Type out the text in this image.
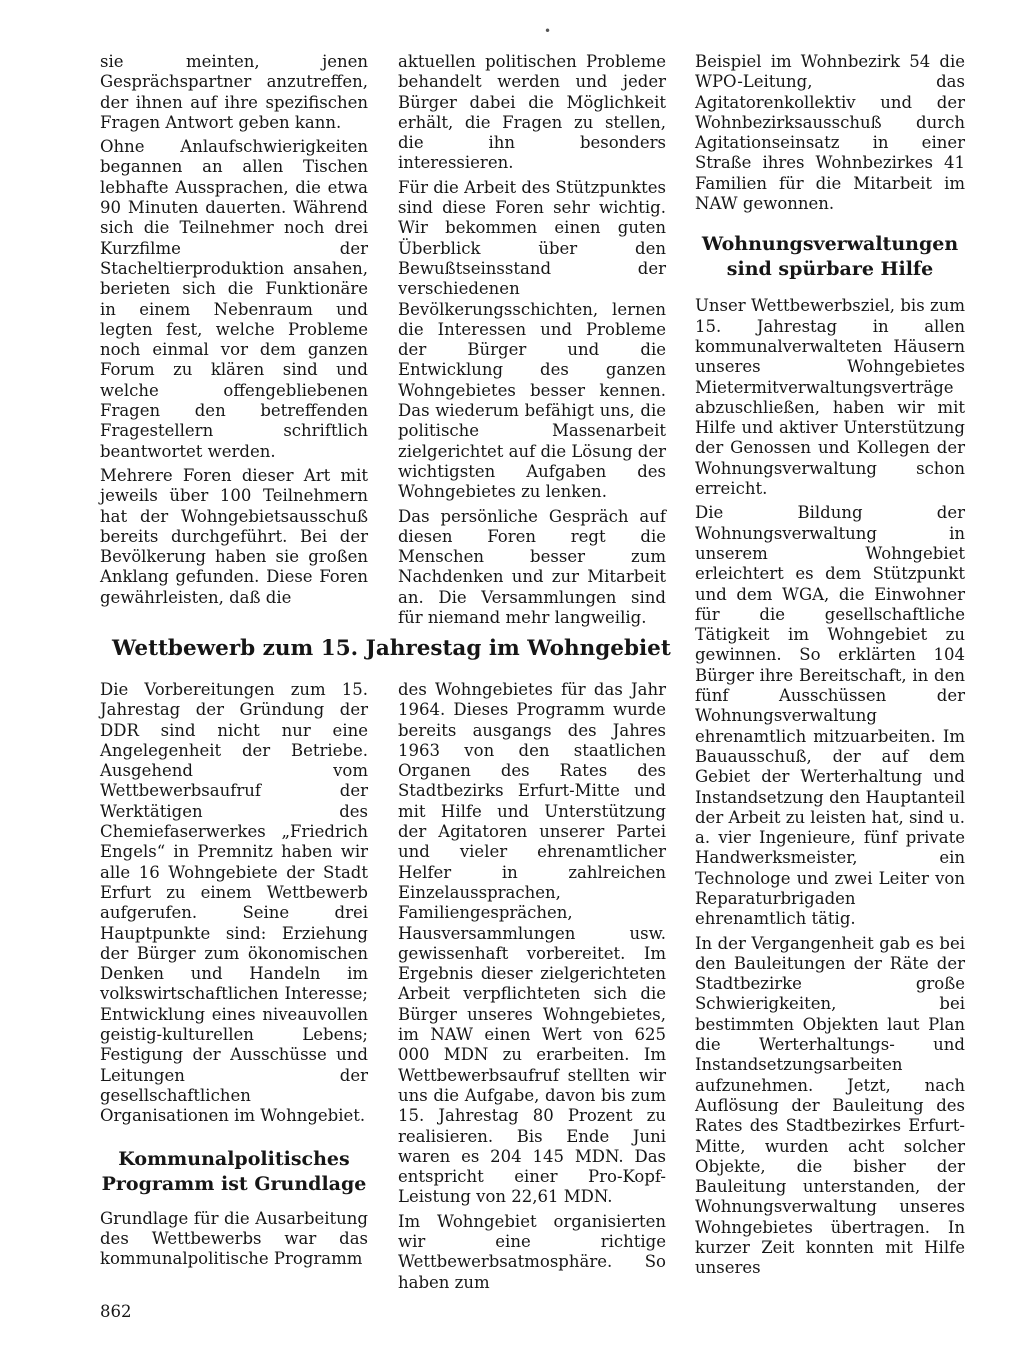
•

sie meinten, jenen Gesprächspartner anzutreffen, der ihnen auf ihre spezifischen Fragen Antwort geben kann.

Ohne Anlaufschwierigkeiten begannen an allen Tischen lebhafte Aussprachen, die etwa 90 Minuten dauerten. Während sich die Teilnehmer noch drei Kurzfilme der Stacheltierproduktion ansahen, berieten sich die Funktionäre in einem Nebenraum und legten fest, welche Probleme noch einmal vor dem ganzen Forum zu klären sind und welche offengebliebenen Fragen den betreffenden Fragestellern schriftlich beantwortet werden.

Mehrere Foren dieser Art mit jeweils über 100 Teilnehmern hat der Wohngebietsausschuß bereits durchgeführt. Bei der Bevölkerung haben sie großen Anklang gefunden. Diese Foren gewährleisten, daß die

aktuellen politischen Probleme behandelt werden und jeder Bürger dabei die Möglichkeit erhält, die Fragen zu stellen, die ihn besonders interessieren.

Für die Arbeit des Stützpunktes sind diese Foren sehr wichtig. Wir bekommen einen guten Überblick über den Bewußtseinsstand der verschiedenen Bevölkerungsschichten, lernen die Interessen und Probleme der Bürger und die Entwicklung des ganzen Wohngebietes besser kennen. Das wiederum befähigt uns, die politische Massenarbeit zielgerichtet auf die Lösung der wichtigsten Aufgaben des Wohngebietes zu lenken.

Das persönliche Gespräch auf diesen Foren regt die Menschen besser zum Nachdenken und zur Mitarbeit an. Die Versammlungen sind für niemand mehr langweilig.

Beispiel im Wohnbezirk 54 die WPO-Leitung, das Agitatorenkollektiv und der Wohnbezirksausschuß durch Agitationseinsatz in einer Straße ihres Wohnbezirkes 41 Familien für die Mitarbeit im NAW gewonnen.

Wohnungsverwaltungen sind spürbare Hilfe

Unser Wettbewerbsziel, bis zum 15. Jahrestag in allen kommunalverwalteten Häusern unseres Wohngebietes Mietermitverwaltungsverträge abzuschließen, haben wir mit Hilfe und aktiver Unterstützung der Genossen und Kollegen der Wohnungsverwaltung schon erreicht.

Die Bildung der Wohnungsverwaltung in unserem Wohngebiet erleichtert es dem Stützpunkt und dem WGA, die Einwohner für die gesellschaftliche Tätigkeit im Wohngebiet zu gewinnen. So erklärten 104 Bürger ihre Bereitschaft, in den fünf Ausschüssen der Wohnungsverwaltung ehrenamtlich mitzuarbeiten. Im Bauausschuß, der auf dem Gebiet der Werterhaltung und Instandsetzung den Hauptanteil der Arbeit zu leisten hat, sind u. a. vier Ingenieure, fünf private Handwerksmeister, ein Technologe und zwei Leiter von Reparaturbrigaden ehrenamtlich tätig.

In der Vergangenheit gab es bei den Bauleitungen der Räte der Stadtbezirke große Schwierigkeiten, bei bestimmten Objekten laut Plan die Werterhaltungs- und Instandsetzungsarbeiten aufzunehmen. Jetzt, nach Auflösung der Bauleitung des Rates des Stadtbezirkes Erfurt-Mitte, wurden acht solcher Objekte, die bisher der Bauleitung unterstanden, der Wohnungsverwaltung unseres Wohngebietes übertragen. In kurzer Zeit konnten mit Hilfe unseres

Wettbewerb zum 15. Jahrestag im Wohngebiet

Die Vorbereitungen zum 15. Jahrestag der Gründung der DDR sind nicht nur eine Angelegenheit der Betriebe. Ausgehend vom Wettbewerbsaufruf der Werktätigen des Chemiefaserwerkes „Friedrich Engels“ in Premnitz haben wir alle 16 Wohngebiete der Stadt Erfurt zu einem Wettbewerb aufgerufen. Seine drei Hauptpunkte sind: Erziehung der Bürger zum ökonomischen Denken und Handeln im volkswirtschaftlichen Interesse; Entwicklung eines niveauvollen geistig-kulturellen Lebens; Festigung der Ausschüsse und Leitungen der gesellschaftlichen Organisationen im Wohngebiet.

Kommunalpolitisches Programm ist Grundlage

Grundlage für die Ausarbeitung des Wettbewerbs war das kommunalpolitische Programm

des Wohngebietes für das Jahr 1964. Dieses Programm wurde bereits ausgangs des Jahres 1963 von den staatlichen Organen des Rates des Stadtbezirks Erfurt-Mitte und mit Hilfe und Unterstützung der Agitatoren unserer Partei und vieler ehrenamtlicher Helfer in zahlreichen Einzelaussprachen, Familiengesprächen, Hausversammlungen usw. gewissenhaft vorbereitet. Im Ergebnis dieser zielgerichteten Arbeit verpflichteten sich die Bürger unseres Wohngebietes, im NAW einen Wert von 625 000 MDN zu erarbeiten. Im Wettbewerbsaufruf stellten wir uns die Aufgabe, davon bis zum 15. Jahrestag 80 Prozent zu realisieren. Bis Ende Juni waren es 204 145 MDN. Das entspricht einer Pro-Kopf-Leistung von 22,61 MDN.

Im Wohngebiet organisierten wir eine richtige Wettbewerbsatmosphäre. So haben zum

862
